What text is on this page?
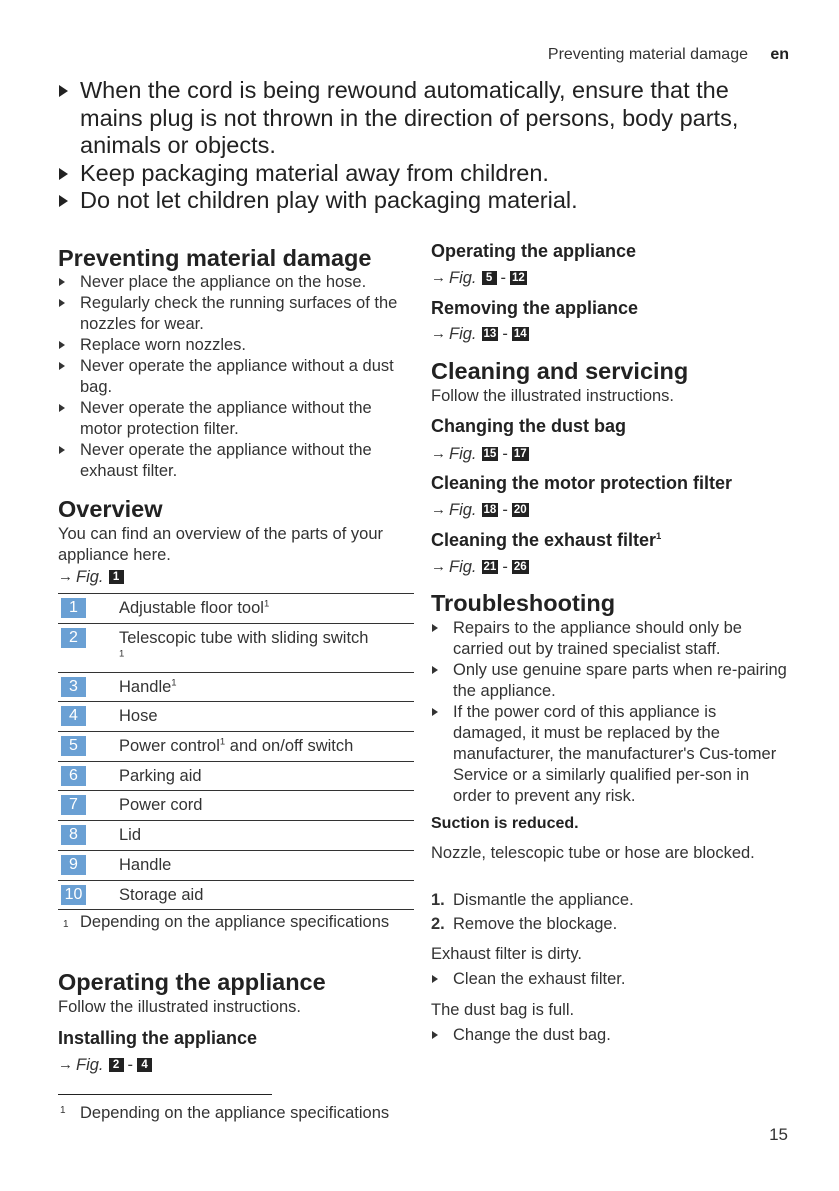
Preventing material damage en
When the cord is being rewound automatically, ensure that the mains plug is not thrown in the direction of persons, body parts, animals or objects.
Keep packaging material away from children.
Do not let children play with packaging material.
Preventing material damage
Never place the appliance on the hose.
Regularly check the running surfaces of the nozzles for wear.
Replace worn nozzles.
Never operate the appliance without a dust bag.
Never operate the appliance without the motor protection filter.
Never operate the appliance without the exhaust filter.
Overview
You can find an overview of the parts of your appliance here.
→ Fig. 1
1	Adjustable floor tool$^1$
2	Telescopic tube with sliding switch
$^1$
3	Handle$^1$
4	Hose
5	Power control$^1$ and on/off switch
6	Parking aid
7	Power cord
8	Lid
9	Handle
10 Storage aid
1 Depending on the appliance specifications
Operating the appliance
Follow the illustrated instructions.
Installing the appliance
→ Fig. 2 - 4
Operating the appliance
→ Fig. 5 - 12
Removing the appliance
→ Fig. 13 - 14
Cleaning and servicing
Follow the illustrated instructions.
Changing the dust bag
→ Fig. 15 - 17
Cleaning the motor protection filter
→ Fig. 18 - 20
Cleaning the exhaust filter$^1$
→ Fig. 21 - 26
Troubleshooting
Repairs to the appliance should only be carried out by trained specialist staff.
Only use genuine spare parts when re-pairing the appliance.
If the power cord of this appliance is damaged, it must be replaced by the manufacturer, the manufacturer's Cus-tomer Service or a similarly qualified per-son in order to prevent any risk.
Suction is reduced.
Nozzle, telescopic tube or hose are blocked.
1. Dismantle the appliance.
2. Remove the blockage.
Exhaust filter is dirty.
Clean the exhaust filter.
The dust bag is full.
Change the dust bag.
1 Depending on the appliance specifications
15
